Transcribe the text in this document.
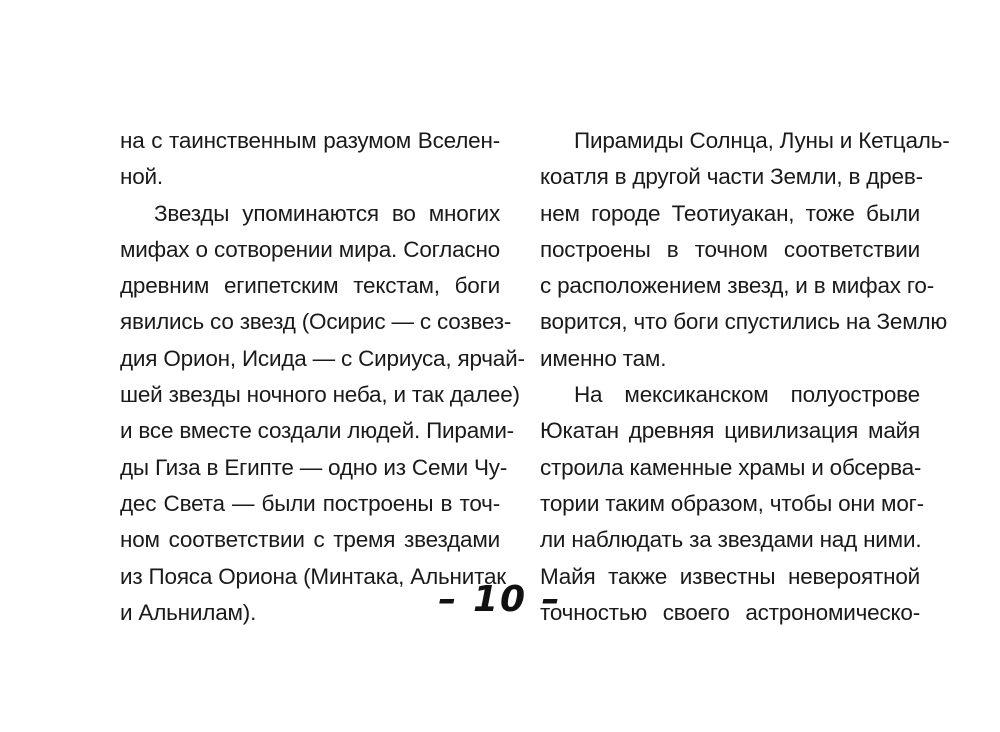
на с таинственным разумом Вселен-
ной.
Звезды упоминаются во многих
мифах о сотворении мира. Согласно
древним египетским текстам, боги
явились со звезд (Осирис — с созвез-
дия Орион, Исида — с Сириуса, ярчай-
шей звезды ночного неба, и так далее)
и все вместе создали людей. Пирами-
ды Гиза в Египте — одно из Семи Чу-
дес Света — были построены в точ-
ном соответствии с тремя звездами
из Пояса Ориона (Минтака, Альнитак
и Альнилам).
Пирамиды Солнца, Луны и Кетцаль-
коатля в другой части Земли, в древ-
нем городе Теотиуакан, тоже были
построены в точном соответствии
с расположением звезд, и в мифах го-
ворится, что боги спустились на Землю
именно там.
На мексиканском полуострове
Юкатан древняя цивилизация майя
строила каменные храмы и обсерва-
тории таким образом, чтобы они мог-
ли наблюдать за звездами над ними.
Майя также известны невероятной
точностью своего астрономическо-
– 10 –
